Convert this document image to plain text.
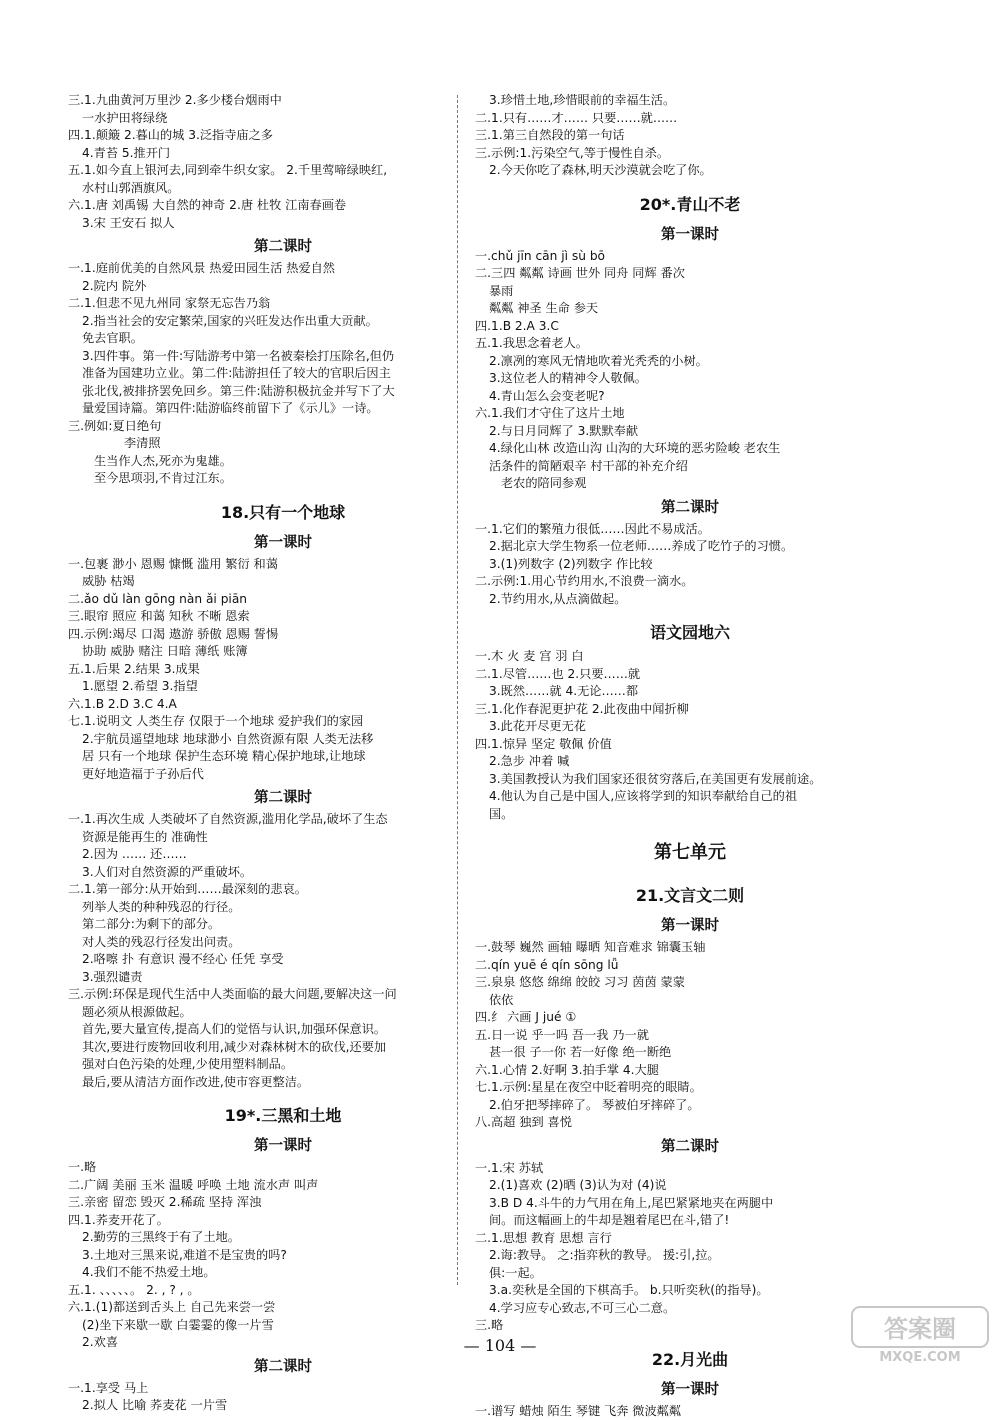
三.1.九曲黄河万里沙 2.多少楼台烟雨中
一水护田将绿绕
四.1.颠簸 2.暮山的城 3.泛指寺庙之多
4.青苔 5.推开门
五.1.如今直上银河去,同到牵牛织女家。 2.千里莺啼绿映红,
水村山郭酒旗风。
六.1.唐 刘禹锡 大自然的神奇 2.唐 杜牧 江南春画卷
3.宋 王安石 拟人
第二课时
一.1.庭前优美的自然风景 热爱田园生活 热爱自然
2.院内 院外
二.1.但悲不见九州同 家祭无忘告乃翁
2.指当社会的安定繁荣,国家的兴旺发达作出重大贡献。
免去官职。
3.四件事。第一件:写陆游考中第一名被秦桧打压除名,但仍
准备为国建功立业。第二件:陆游担任了较大的官职后因主
张北伐,被排挤罢免回乡。第三件:陆游积极抗金并写下了大
量爱国诗篇。第四件:陆游临终前留下了《示儿》一诗。
三.例如:夏日绝句
李清照
生当作人杰,死亦为鬼雄。
至今思项羽,不肯过江东。
18.只有一个地球
第一课时
一.包裹 渺小 恩赐 慷慨 滥用 繁衍 和蔼
威胁 枯竭
二.ǎo dǔ làn gōng nàn ǎi piān
三.眼帘 照应 和蔼 知秋 不晰 恩索
四.示例:竭尽 口渴 遨游 骄傲 恩赐 誓惕
协助 威胁 赌注 日暗 薄纸 账簿
五.1.后果 2.结果 3.成果
1.愿望 2.希望 3.指望
六.1.B 2.D 3.C 4.A
七.1.说明文 人类生存 仅限于一个地球 爱护我们的家园
2.宇航员遥望地球 地球渺小 自然资源有限 人类无法移
居 只有一个地球 保护生态环境 精心保护地球,让地球
更好地造福于子孙后代
第二课时
一.1.再次生成 人类破坏了自然资源,滥用化学品,破坏了生态
资源是能再生的 准确性
2.因为 …… 还……
3.人们对自然资源的严重破坏。
二.1.第一部分:从开始到……最深刻的悲哀。
列举人类的种种残忍的行径。
第二部分:为剩下的部分。
对人类的残忍行径发出问责。
2.咯嚓 扑 有意识 漫不经心 任凭 享受
3.强烈谴责
三.示例:环保是现代生活中人类面临的最大问题,要解决这一问
题必须从根源做起。
首先,要大量宣传,提高人们的觉悟与认识,加强环保意识。
其次,要进行废物回收利用,减少对森林树木的砍伐,还要加
强对白色污染的处理,少使用塑料制品。
最后,要从清洁方面作改进,使市容更整洁。
19*.三黑和土地
第一课时
一.略
二.广阔 美丽 玉米 温暖 呼唤 土地 流水声 叫声
三.亲密 留恋 毁灭 2.稀疏 坚持 浑浊
四.1.荞麦开花了。
2.勤劳的三黑终于有了土地。
3.土地对三黑来说,难道不是宝贵的吗?
4.我们不能不热爱土地。
五.1. 、、、、、。 2. , ? , 。
六.1.(1)都送到舌头上 自己先来尝一尝
(2)坐下来歇一歇 白霎霎的像一片雪
2.欢喜
第二课时
一.1.享受 马上
2.拟人 比喻 荞麦花 一片雪
3.珍惜土地,珍惜眼前的幸福生活。
二.1.只有……才…… 只要……就……
三.1.第三自然段的第一句话
三.示例:1.污染空气,等于慢性自杀。
2.今天你吃了森林,明天沙漠就会吃了你。
20*.青山不老
第一课时
一.chǔ jīn cān jì sù bō
二.三四 粼粼 诗画 世外 同舟 同辉 番次
暴雨
粼粼 神圣 生命 参天
四.1.B 2.A 3.C
五.1.我思念着老人。
2.凛冽的寒风无情地吹着光秃秃的小树。
3.这位老人的精神令人敬佩。
4.青山怎么会变老呢?
六.1.我们才守住了这片土地
2.与日月同辉了 3.默默奉献
4.绿化山林 改造山沟 山沟的大环境的恶劣险峻 老农生
活条件的简陋艰辛 村干部的补充介绍
老农的陪同参观
第二课时
一.1.它们的繁殖力很低……因此不易成活。
2.据北京大学生物系一位老师……养成了吃竹子的习惯。
3.(1)列数字 (2)列数字 作比较
二.示例:1.用心节约用水,不浪费一滴水。
2.节约用水,从点滴做起。
语文园地六
一.木 火 麦 宫 羽 白
二.1.尽管……也 2.只要……就
3.既然……就 4.无论……都
三.1.化作春泥更护花 2.此夜曲中闻折柳
3.此花开尽更无花
四.1.惊异 坚定 敬佩 价值
2.急步 冲着 喊
3.美国教授认为我们国家还很贫穷落后,在美国更有发展前途。
4.他认为自己是中国人,应该将学到的知识奉献给自己的祖
国。
第七单元
21.文言文二则
第一课时
一.鼓琴 巍然 画轴 曝晒 知音难求 锦囊玉轴
二.qín yuē é qín sōng lǚ
三.泉泉 悠悠 绵绵 皎皎 习习 茵茵 蒙蒙
依依
四.纟 六画 J jué ①
五.日一说 乎一吗 吾一我 乃一就
甚一很 子一你 若一好像 绝一断绝
六.1.心情 2.好啊 3.拍手掌 4.大腿
七.1.示例:星星在夜空中眨着明亮的眼睛。
2.伯牙把琴摔碎了。 琴被伯牙摔碎了。
八.高超 独到 喜悦
第二课时
一.1.宋 苏轼
2.(1)喜欢 (2)晒 (3)认为对 (4)说
3.B D 4.斗牛的力气用在角上,尾巴紧紧地夹在两腿中
间。而这幅画上的牛却是翘着尾巴在斗,错了!
二.1.思想 教育 思想 言行
2.诲:教导。 之:指弈秋的教导。 援:引,拉。
俱:一起。
3.a.奕秋是全国的下棋高手。 b.只听奕秋(的指导)。
4.学习应专心致志,不可三心二意。
三.略
22.月光曲
第一课时
一.谱写 蜡烛 陌生 琴键 飞奔 微波粼粼
— 104 —
答案圈
MXQE.COM
